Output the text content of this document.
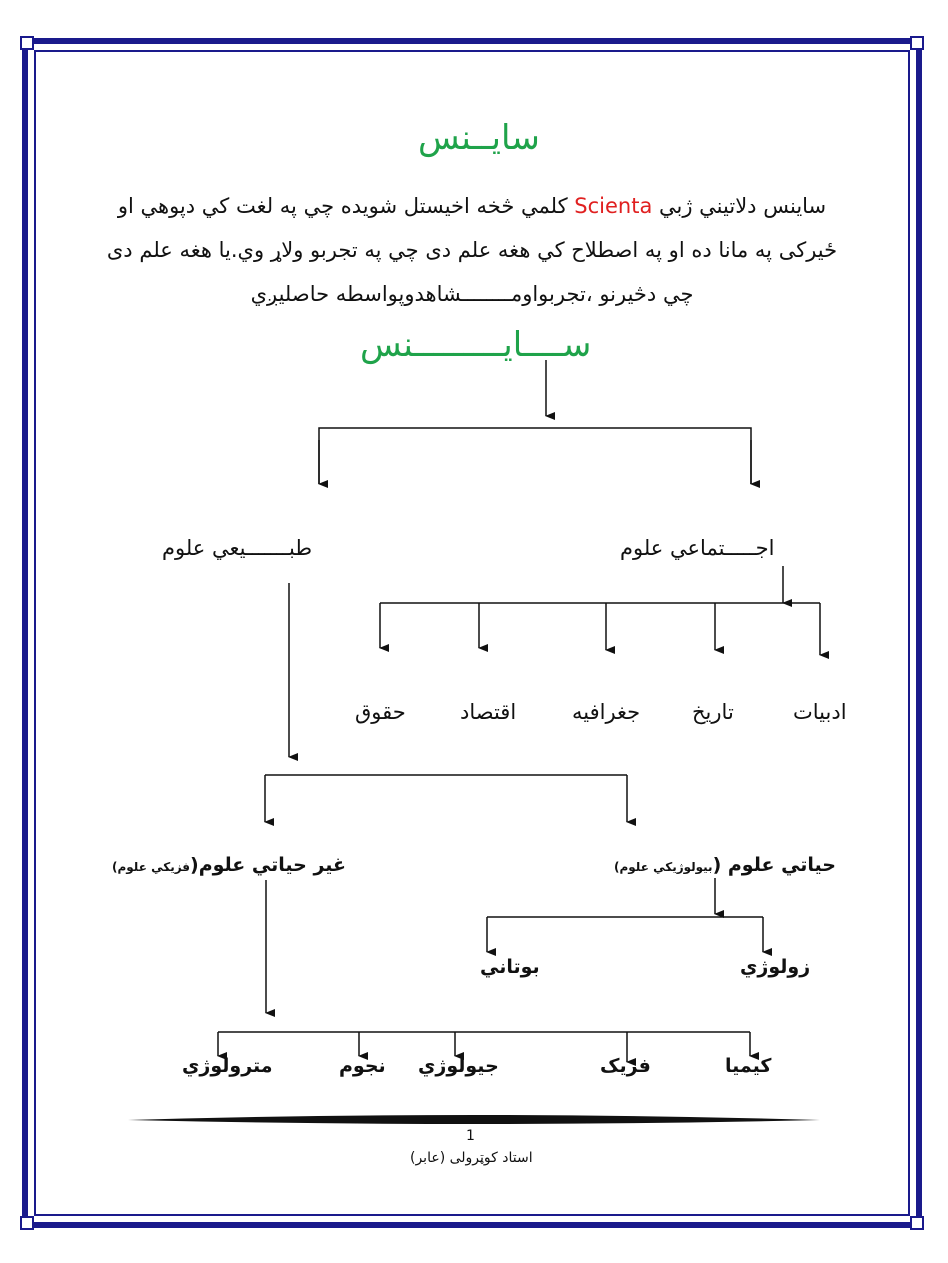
سايــنس
ساينس دلاتيني ژبي Scienta كلمي څخه اخيستل شويده چي په لغت كي دپوهي او ځيركى په مانا ده او په اصطلاح كي هغه علم دى چي په تجربو ولاړ وي.يا هغه علم دى چي دڅيرنو ،تجربواومــــــــشاهدوپواسطه حاصليږي
ســــايـــــــــنس
اجـــــتماعي علوم
طبـــــــيعي علوم
ادبيات
تاريخ
جغرافيه
اقتصاد
حقوق
حياتي علوم (بيولوژيكي علوم)
غير حياتي علوم(فزيكي علوم)
زولوژي
بوتاني
كيميا
فزيک
جيولوژي
نجوم
مترولوژي
1
استاد كوټرولى (عابر)
